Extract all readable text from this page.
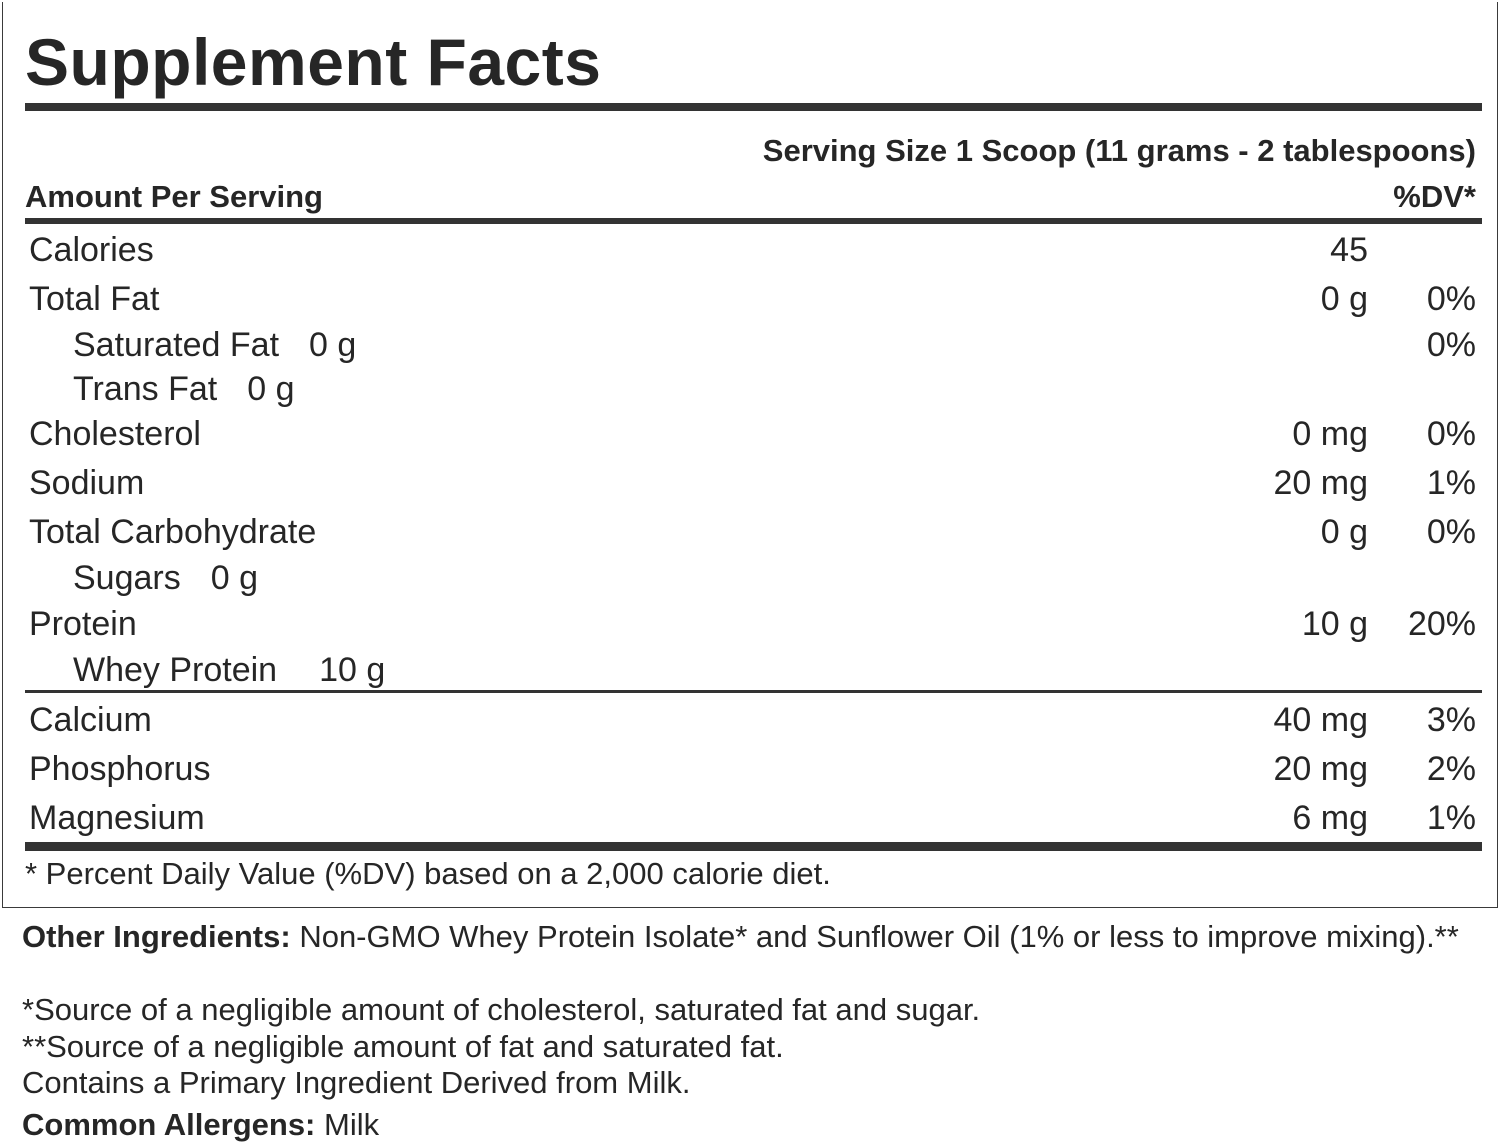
Supplement Facts
Serving Size 1 Scoop (11 grams - 2 tablespoons)
Amount Per Serving	%DV*
Calories	45
Total Fat	0 g 0%
Saturated Fat 0 g	0%
Trans Fat 0 g
Cholesterol	0 mg 0%
Sodium	20 mg 1%
Total Carbohydrate	0 g 0%
Sugars 0 g
Protein	10 g 20%
Whey Protein 10 g
Calcium	40 mg 3%
Phosphorus	20 mg 2%
Magnesium	6 mg 1%
* Percent Daily Value (%DV) based on a 2,000 calorie diet.
Other Ingredients: Non-GMO Whey Protein Isolate* and Sunflower Oil (1% or less to improve mixing).**
*Source of a negligible amount of cholesterol, saturated fat and sugar.
**Source of a negligible amount of fat and saturated fat.
Contains a Primary Ingredient Derived from Milk.
Common Allergens: Milk
